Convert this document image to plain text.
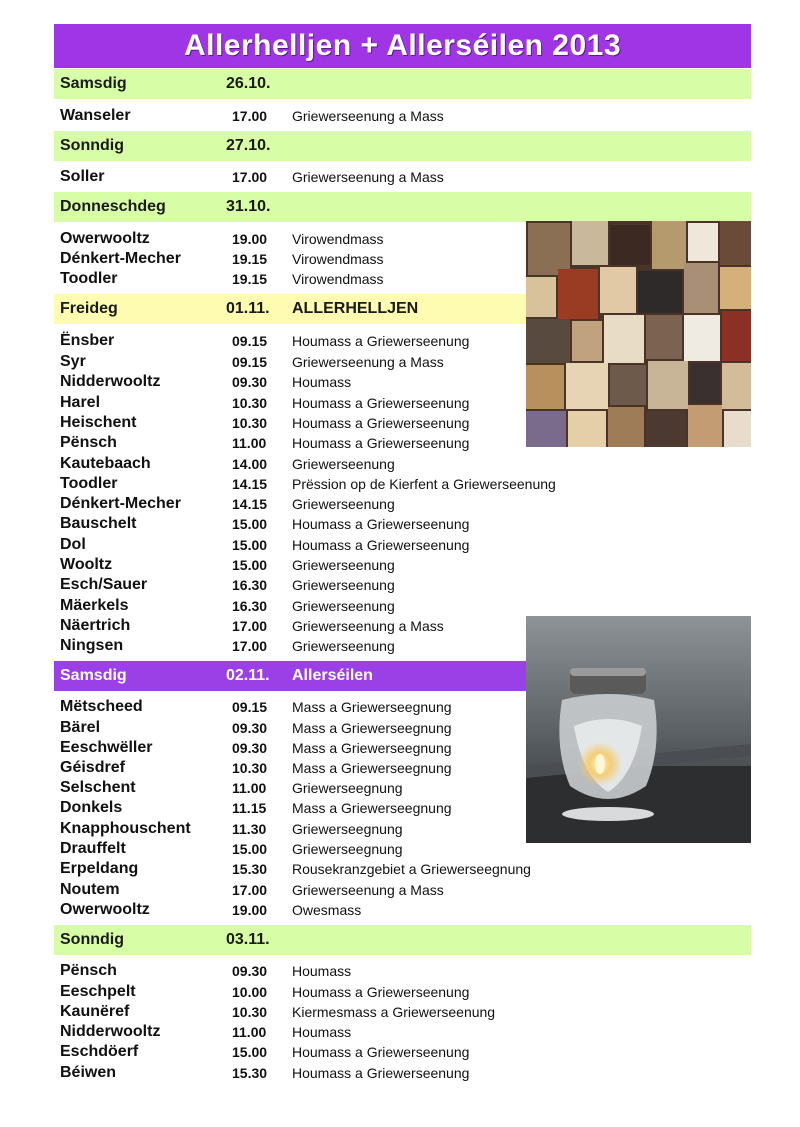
Allerhelljen + Allerséilen 2013
Samsdig	26.10.
Wanseler	17.00 Griewerseenung a Mass
Sonndig	27.10.
Soller	17.00 Griewerseenung a Mass
Donneschdeg	31.10.
Owerwooltz	19.00 Virowendmass
Dénkert-Mecher	19.15 Virowendmass
Toodler	19.15 Virowendmass
Freideg	01.11. ALLERHELLJEN
Ënsber	09.15 Houmass a Griewerseenung
Syr	09.15 Griewerseenung a Mass
Nidderwooltz	09.30 Houmass
Harel	10.30 Houmass a Griewerseenung
Heischent	10.30 Houmass a Griewerseenung
Pënsch	11.00 Houmass a Griewerseenung
Kautebaach	14.00 Griewerseenung
Toodler	14.15 Prëssion op de Kierfent a Griewerseenung
Dénkert-Mecher	14.15 Griewerseenung
Bauschelt	15.00 Houmass a Griewerseenung
Dol	15.00 Houmass a Griewerseenung
Wooltz	15.00 Griewerseenung
Esch/Sauer	16.30 Griewerseenung
Mäerkels	16.30 Griewerseenung
Näertrich	17.00 Griewerseenung a Mass
Ningsen	17.00 Griewerseenung
Samsdig	02.11. Allerséilen
Mëtscheed	09.15 Mass a Griewerseegnung
Bärel	09.30 Mass a Griewerseegnung
Eeschwëller	09.30 Mass a Griewerseegnung
Géisdref	10.30 Mass a Griewerseegnung
Selschent	11.00 Griewerseegnung
Donkels	11.15 Mass a Griewerseegnung
Knapphouschent	11.30 Griewerseegnung
Drauffelt	15.00 Griewerseegnung
Erpeldang	15.30 Rousekranzgebiet a Griewerseegnung
Noutem	17.00 Griewerseenung a Mass
Owerwooltz	19.00 Owesmass
Sonndig	03.11.
Pënsch	09.30 Houmass
Eeschpelt	10.00 Houmass a Griewerseenung
Kaunëref	10.30 Kiermesmass a Griewerseenung
Nidderwooltz	11.00 Houmass
Eschdöerf	15.00 Houmass a Griewerseenung
Béiwen	15.30 Houmass a Griewerseenung
